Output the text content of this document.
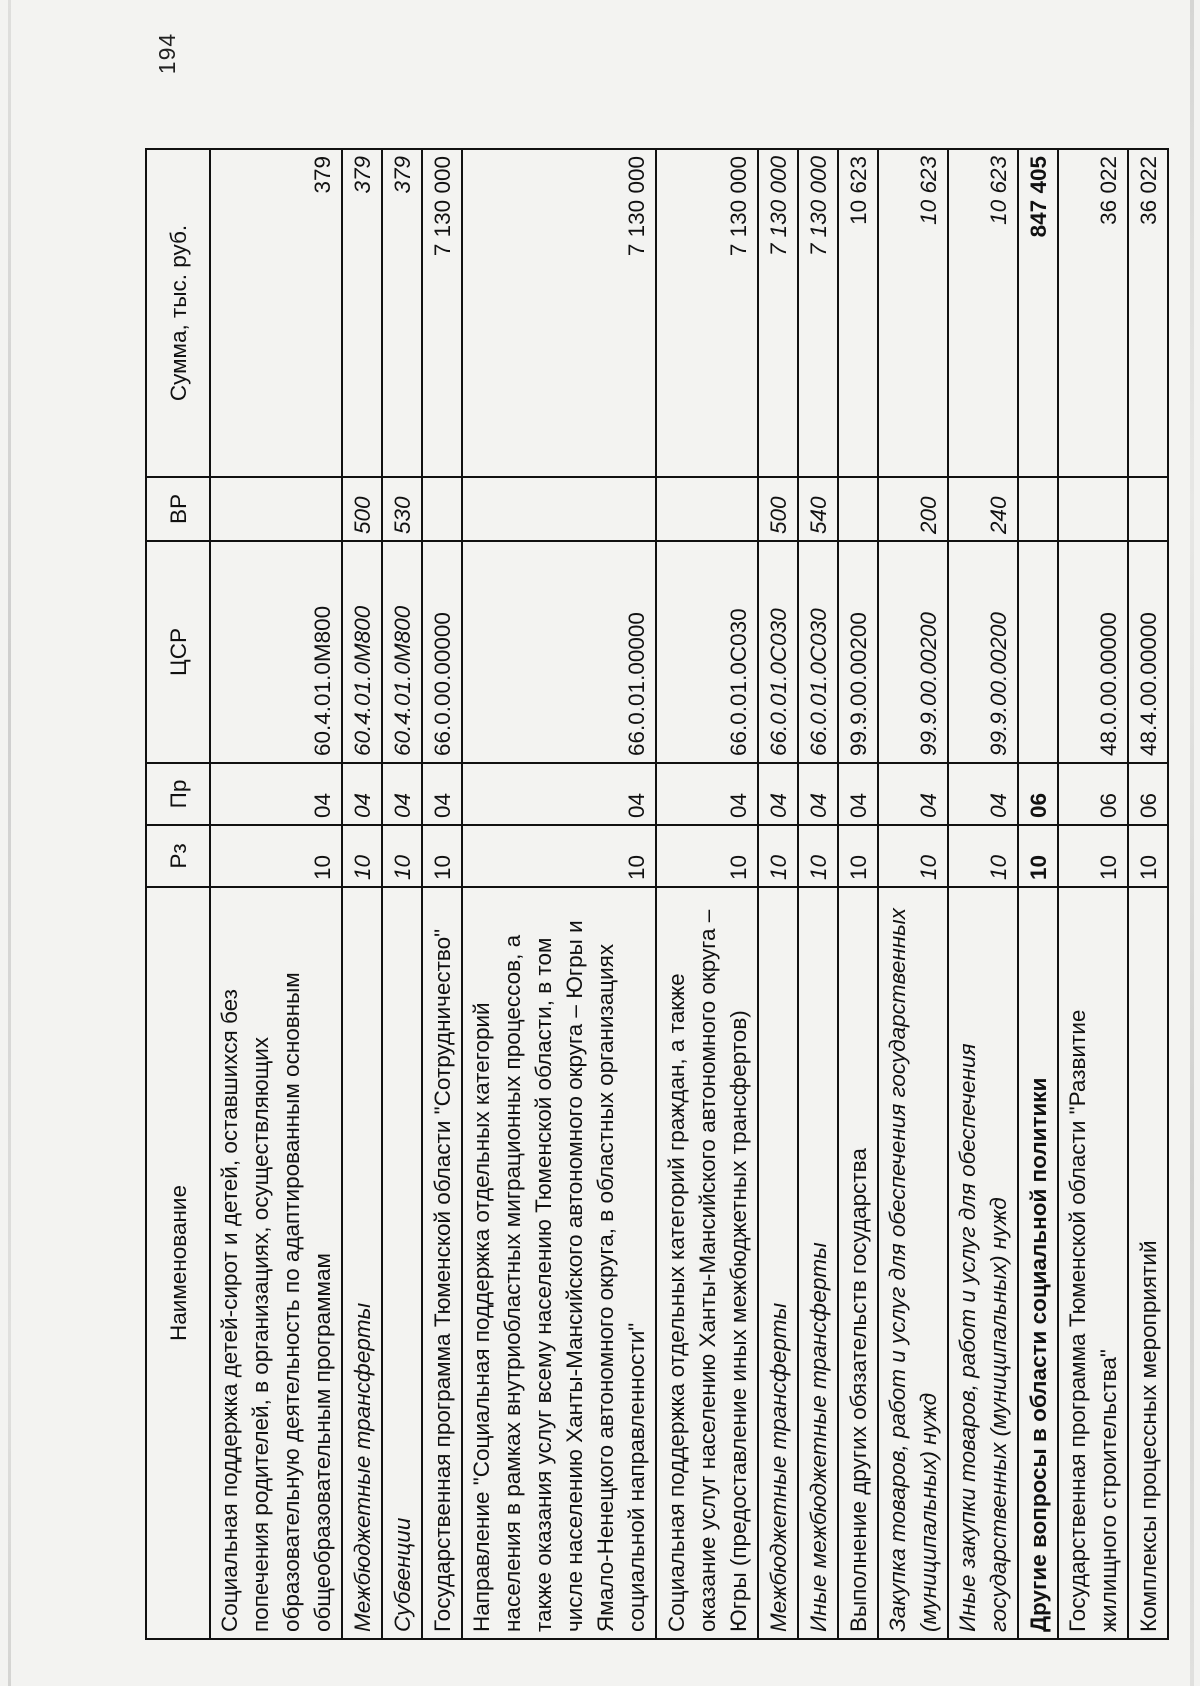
194
Наименование	Рз	Пр	ЦСР	ВР	Сумма, тыс. руб.
Социальная поддержка детей-сирот и детей, оставшихся без попечения родителей, в организациях, осуществляющих образовательную деятельность по адаптированным основным общеобразовательным программам	10	04	60.4.01.0М800		379
Межбюджетные трансферты	10	04	60.4.01.0М800	500	379
Субвенции	10	04	60.4.01.0М800	530	379
Государственная программа Тюменской области "Сотрудничество"	10	04	66.0.00.00000		7 130 000
Направление "Социальная поддержка отдельных категорий населения в рамках внутриобластных миграционных процессов, а также оказания услуг всему населению Тюменской области, в том числе населению Ханты-Мансийского автономного округа – Югры и Ямало-Ненецкого автономного округа, в областных организациях социальной направленности"	10	04	66.0.01.00000		7 130 000
Социальная поддержка отдельных категорий граждан, а также оказание услуг населению Ханты-Мансийского автономного округа – Югры (предоставление иных межбюджетных трансфертов)	10	04	66.0.01.0С030		7 130 000
Межбюджетные трансферты	10	04	66.0.01.0С030	500	7 130 000
Иные межбюджетные трансферты	10	04	66.0.01.0С030	540	7 130 000
Выполнение других обязательств государства	10	04	99.9.00.00200		10 623
Закупка товаров, работ и услуг для обеспечения государственных (муниципальных) нужд	10	04	99.9.00.00200	200	10 623
Иные закупки товаров, работ и услуг для обеспечения государственных (муниципальных) нужд	10	04	99.9.00.00200	240	10 623
Другие вопросы в области социальной политики	10	06			847 405
Государственная программа Тюменской области "Развитие жилищного строительства"	10	06	48.0.00.00000		36 022
Комплексы процессных мероприятий	10	06	48.4.00.00000		36 022
